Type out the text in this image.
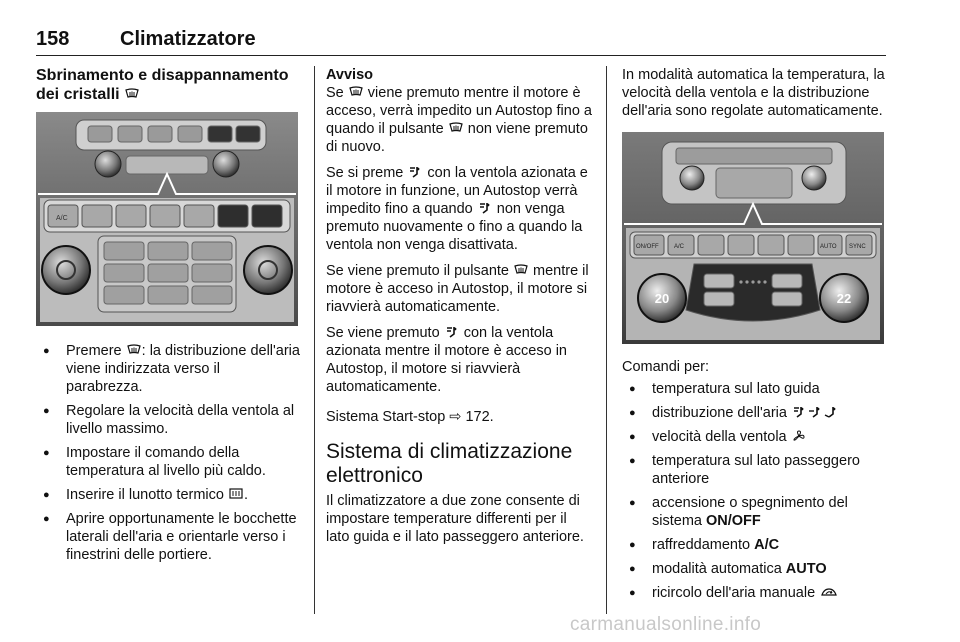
158	Climatizzatore
Sbrinamento e disappannamento
dei cristalli
A/C
● Premere : la distribuzione dell'aria viene indirizzata verso il parabrezza.
● Regolare la velocità della ventola al livello massimo.
● Impostare il comando della temperatura al livello più caldo.
● Inserire il lunotto termico .
● Aprire opportunamente le bocchette laterali dell'aria e orientarle verso i finestrini delle portiere.
Avviso
Se  viene premuto mentre il motore è acceso, verrà impedito un Autostop fino a quando il pulsante  non viene premuto di nuovo.
Se si preme  con la ventola azionata e il motore in funzione, un Autostop verrà impedito fino a quando  non venga premuto nuovamente o fino a quando la ventola non venga disattivata.
Se viene premuto il pulsante  mentre il motore è acceso in Autostop, il motore si riavvierà automaticamente.
Se viene premuto  con la ventola azionata mentre il motore è acceso in Autostop, il motore si riavvierà automaticamente.
Sistema Start-stop ⇨ 172.
Sistema di climatizzazione elettronico
Il climatizzatore a due zone consente di impostare temperature differenti per il lato guida e il lato passeggero anteriore.
In modalità automatica la temperatura, la velocità della ventola e la distribuzione dell'aria sono regolate automaticamente.
ON/OFF	A/C	AUTO SYNC
20	22
Comandi per:
● temperatura sul lato guida
● distribuzione dell'aria
● velocità della ventola
● temperatura sul lato passeggero anteriore
● accensione o spegnimento del sistema ON/OFF
● raffreddamento A/C
● modalità automatica AUTO
● ricircolo dell'aria manuale
carmanualsonline.info
